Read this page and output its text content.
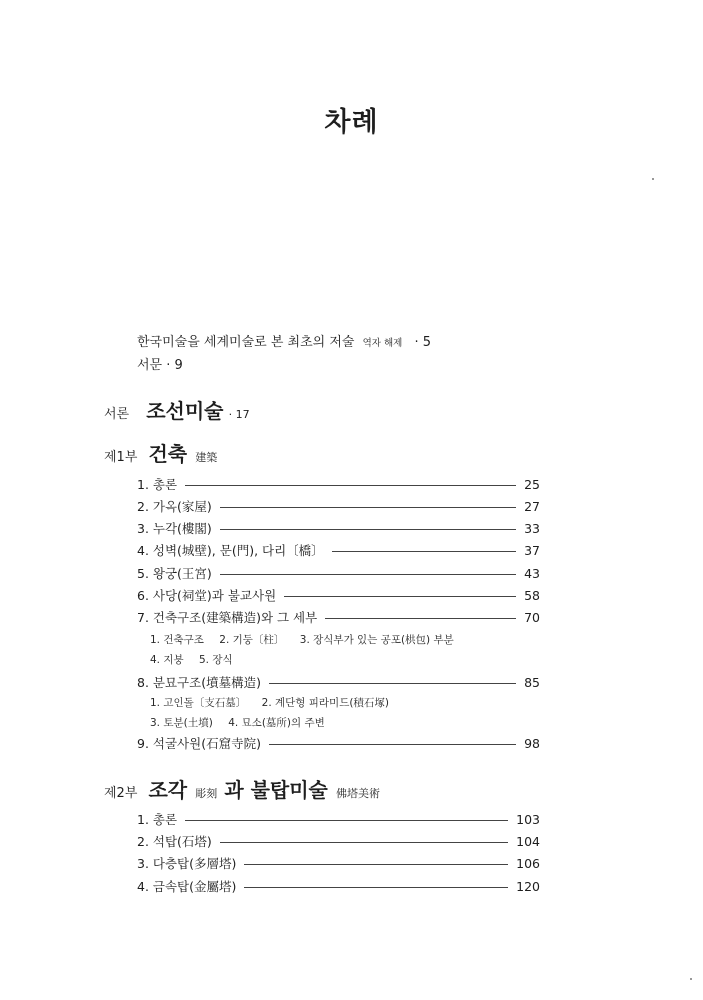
차례
한국미술을 세계미술로 본 최초의 저술 역자 해제 · 5
서문 · 9
서론 조선미술 · 17
제1부 건축 建築
1. 총론	25
2. 가옥(家屋)	27
3. 누각(樓閣)	33
4. 성벽(城壁), 문(門), 다리〔橋〕	37
5. 왕궁(王宮)	43
6. 사당(祠堂)과 불교사원	58
7. 건축구조(建築構造)와 그 세부	70
1. 건축구조 2. 기둥〔柱〕 3. 장식부가 있는 공포(栱包) 부분
4. 지붕 5. 장식
8. 분묘구조(墳墓構造)	85
1. 고인돌〔支石墓〕 2. 계단형 피라미드(積石塚)
3. 토분(土墳) 4. 묘소(墓所)의 주변
9. 석굴사원(石窟寺院)	98
제2부 조각 彫刻 과 불탑미술 佛塔美術
1. 총론	103
2. 석탑(石塔)	104
3. 다층탑(多層塔)	106
4. 금속탑(金屬塔)	120
